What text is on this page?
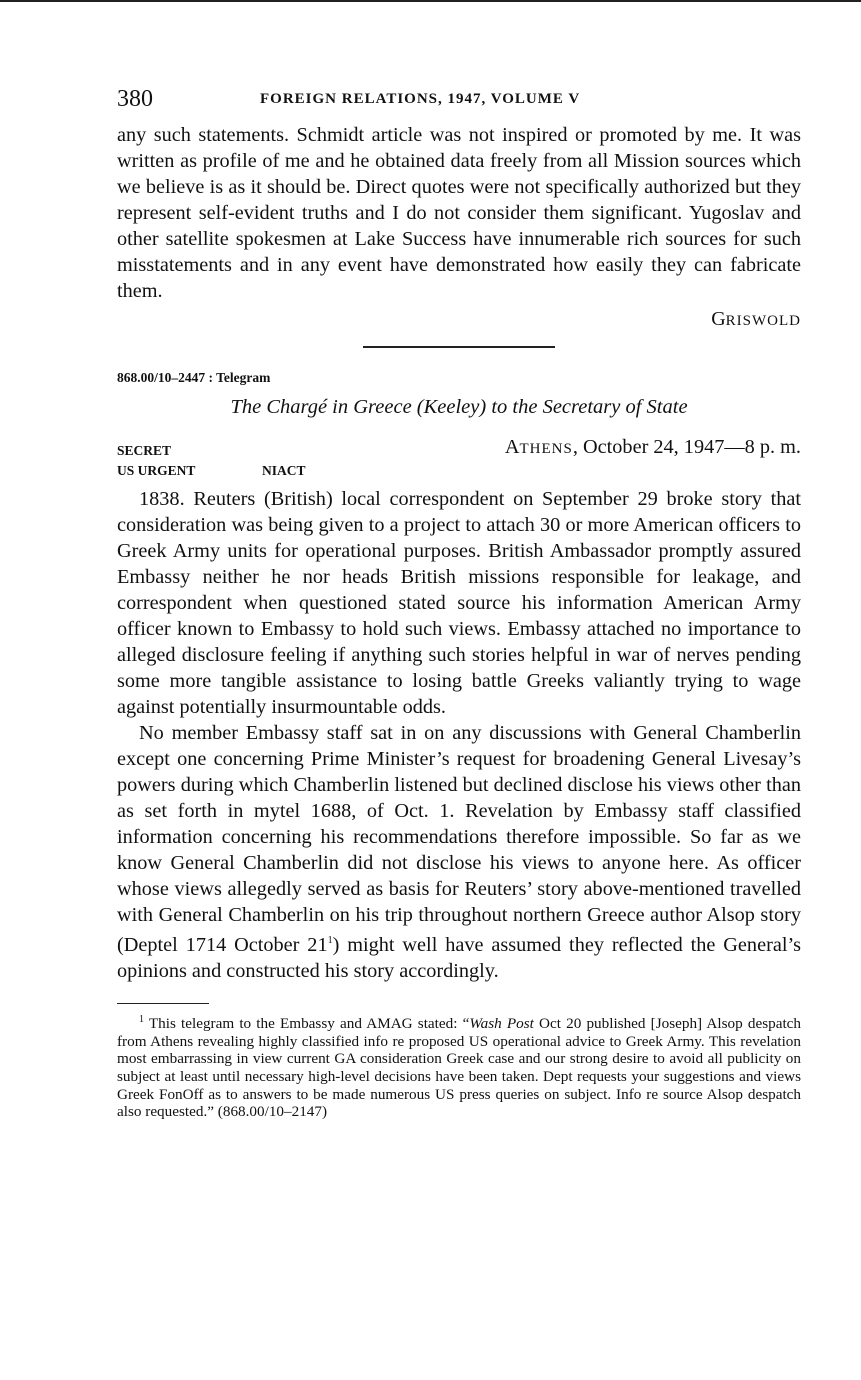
380	FOREIGN RELATIONS, 1947, VOLUME V

any such statements. Schmidt article was not inspired or promoted by me. It was written as profile of me and he obtained data freely from all Mission sources which we believe is as it should be. Direct quotes were not specifically authorized but they represent self-evident truths and I do not consider them significant. Yugoslav and other satellite spokesmen at Lake Success have innumerable rich sources for such misstatements and in any event have demonstrated how easily they can fabricate them.

GRISWOLD
868.00/10–2447 : Telegram
The Chargé in Greece (Keeley) to the Secretary of State
SECRET	ATHENS, October 24, 1947—8 p. m.
US URGENT	NIACT

1838. Reuters (British) local correspondent on September 29 broke story that consideration was being given to a project to attach 30 or more American officers to Greek Army units for operational purposes. British Ambassador promptly assured Embassy neither he nor heads British missions responsible for leakage, and correspondent when questioned stated source his information American Army officer known to Embassy to hold such views. Embassy attached no importance to alleged disclosure feeling if anything such stories helpful in war of nerves pending some more tangible assistance to losing battle Greeks valiantly trying to wage against potentially insurmountable odds.

No member Embassy staff sat in on any discussions with General Chamberlin except one concerning Prime Minister’s request for broadening General Livesay’s powers during which Chamberlin listened but declined disclose his views other than as set forth in mytel 1688, of Oct. 1. Revelation by Embassy staff classified information concerning his recommendations therefore impossible. So far as we know General Chamberlin did not disclose his views to anyone here. As officer whose views allegedly served as basis for Reuters’ story above-mentioned travelled with General Chamberlin on his trip throughout northern Greece author Alsop story (Deptel 1714 October 21$^1$) might well have assumed they reflected the General’s opinions and constructed his story accordingly.

$^1$ This telegram to the Embassy and AMAG stated: “Wash Post Oct 20 published [Joseph] Alsop despatch from Athens revealing highly classified info re proposed US operational advice to Greek Army. This revelation most embarrassing in view current GA consideration Greek case and our strong desire to avoid all publicity on subject at least until necessary high-level decisions have been taken. Dept requests your suggestions and views Greek FonOff as to answers to be made numerous US press queries on subject. Info re source Alsop despatch also requested.” (868.00/10–2147)
